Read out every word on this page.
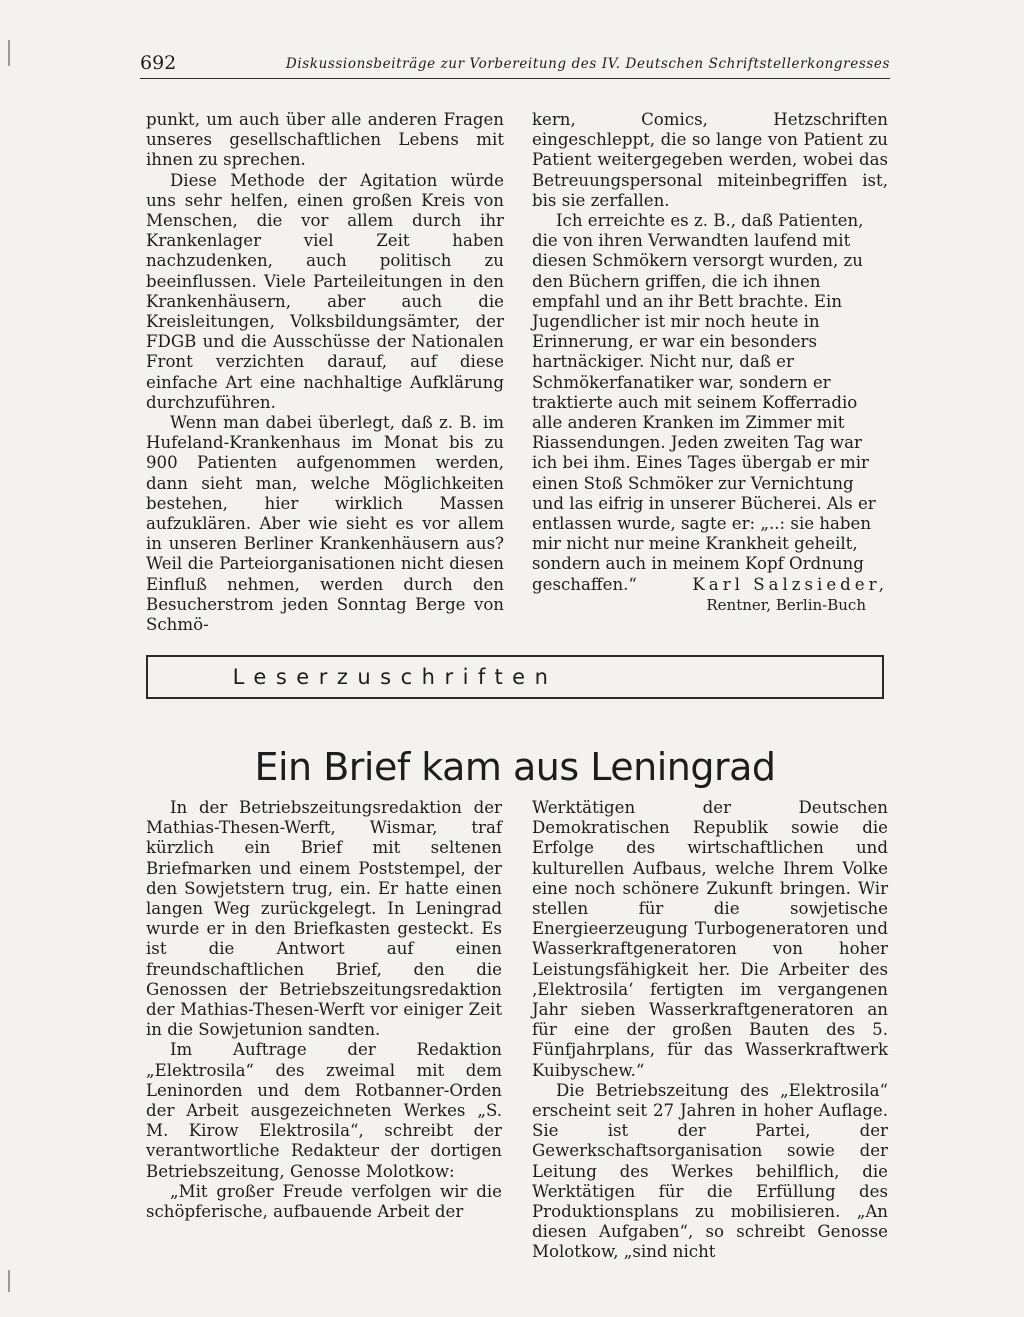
692	Diskussionsbeiträge zur Vorbereitung des IV. Deutschen Schriftstellerkongresses

punkt, um auch über alle anderen Fragen unseres gesellschaftlichen Lebens mit ihnen zu sprechen.

Diese Methode der Agitation würde uns sehr helfen, einen großen Kreis von Menschen, die vor allem durch ihr Krankenlager viel Zeit haben nachzudenken, auch politisch zu beeinflussen. Viele Parteileitungen in den Krankenhäusern, aber auch die Kreisleitungen, Volksbildungsämter, der FDGB und die Ausschüsse der Nationalen Front verzichten darauf, auf diese einfache Art eine nachhaltige Aufklärung durchzuführen.

Wenn man dabei überlegt, daß z. B. im Hufeland-Krankenhaus im Monat bis zu 900 Patienten aufgenommen werden, dann sieht man, welche Möglichkeiten bestehen, hier wirklich Massen aufzuklären. Aber wie sieht es vor allem in unseren Berliner Krankenhäusern aus? Weil die Parteiorganisationen nicht diesen Einfluß nehmen, werden durch den Besucherstrom jeden Sonntag Berge von Schmö-

kern, Comics, Hetzschriften eingeschleppt, die so lange von Patient zu Patient weitergegeben werden, wobei das Betreuungspersonal miteinbegriffen ist, bis sie zerfallen.

Ich erreichte es z. B., daß Patienten, die von ihren Verwandten laufend mit diesen Schmökern versorgt wurden, zu den Büchern griffen, die ich ihnen empfahl und an ihr Bett brachte. Ein Jugendlicher ist mir noch heute in Erinnerung, er war ein besonders hartnäckiger. Nicht nur, daß er Schmökerfanatiker war, sondern er traktierte auch mit seinem Kofferradio alle anderen Kranken im Zimmer mit Riassendungen. Jeden zweiten Tag war ich bei ihm. Eines Tages übergab er mir einen Stoß Schmöker zur Vernichtung und las eifrig in unserer Bücherei. Als er entlassen wurde, sagte er: „..: sie haben mir nicht nur meine Krankheit geheilt, sondern auch in meinem Kopf Ordnung geschaffen.“	Karl Salzsieder,
Rentner, Berlin-Buch
Leserzuschriften
Ein Brief kam aus Leningrad

In der Betriebszeitungsredaktion der Mathias-Thesen-Werft, Wismar, traf kürzlich ein Brief mit seltenen Briefmarken und einem Poststempel, der den Sowjetstern trug, ein. Er hatte einen langen Weg zurückgelegt. In Leningrad wurde er in den Briefkasten gesteckt. Es ist die Antwort auf einen freundschaftlichen Brief, den die Genossen der Betriebszeitungsredaktion der Mathias-Thesen-Werft vor einiger Zeit in die Sowjetunion sandten.

Im Auftrage der Redaktion „Elektrosila“ des zweimal mit dem Leninorden und dem Rotbanner-Orden der Arbeit ausgezeichneten Werkes „S. M. Kirow Elektrosila“, schreibt der verantwortliche Redakteur der dortigen Betriebszeitung, Genosse Molotkow:

„Mit großer Freude verfolgen wir die schöpferische, aufbauende Arbeit der

Werktätigen der Deutschen Demokratischen Republik sowie die Erfolge des wirtschaftlichen und kulturellen Aufbaus, welche Ihrem Volke eine noch schönere Zukunft bringen. Wir stellen für die sowjetische Energieerzeugung Turbogeneratoren und Wasserkraftgeneratoren von hoher Leistungsfähigkeit her. Die Arbeiter des ‚Elektrosila‘ fertigten im vergangenen Jahr sieben Wasserkraftgeneratoren an für eine der großen Bauten des 5. Fünfjahrplans, für das Wasserkraftwerk Kuibyschew.“

Die Betriebszeitung des „Elektrosila“ erscheint seit 27 Jahren in hoher Auflage. Sie ist der Partei, der Gewerkschaftsorganisation sowie der Leitung des Werkes behilflich, die Werktätigen für die Erfüllung des Produktionsplans zu mobilisieren. „An diesen Aufgaben“, so schreibt Genosse Molotkow, „sind nicht
